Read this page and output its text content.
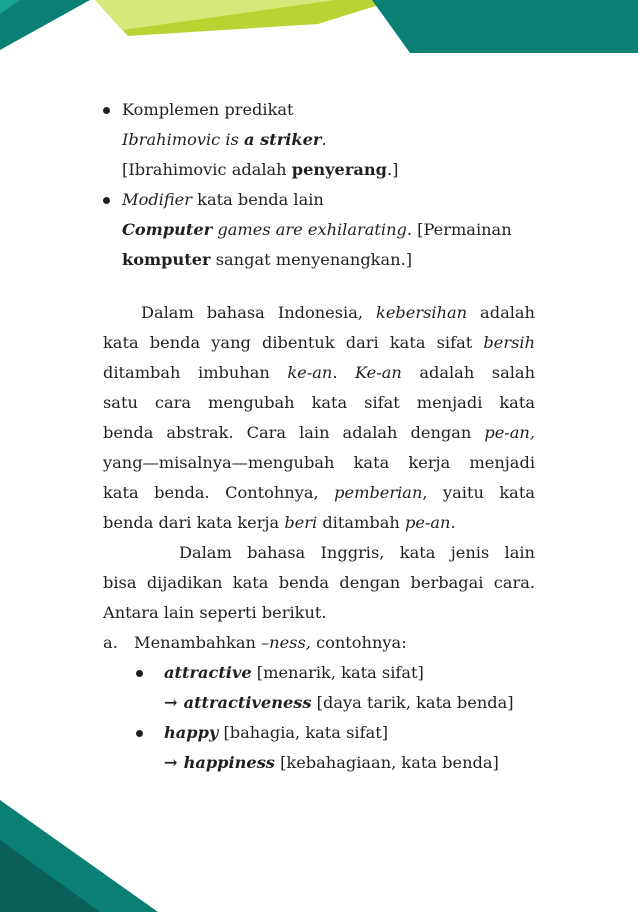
Komplemen predikat
Ibrahimovic is a striker.
[Ibrahimovic adalah penyerang.]
Modifier kata benda lain
Computer games are exhilarating. [Permainan
komputer sangat menyenangkan.]
Dalam bahasa Indonesia, kebersihan adalah
kata benda yang dibentuk dari kata sifat bersih
ditambah imbuhan ke-an. Ke-an adalah salah
satu cara mengubah kata sifat menjadi kata
benda abstrak. Cara lain adalah dengan pe-an,
yang—misalnya—mengubah kata kerja menjadi
kata benda. Contohnya, pemberian, yaitu kata
benda dari kata kerja beri ditambah pe-an.
Dalam bahasa Inggris, kata jenis lain
bisa dijadikan kata benda dengan berbagai cara.
Antara lain seperti berikut.
a. Menambahkan –ness, contohnya:
attractive [menarik, kata sifat]
→ attractiveness [daya tarik, kata benda]
happy [bahagia, kata sifat]
→ happiness [kebahagiaan, kata benda]
